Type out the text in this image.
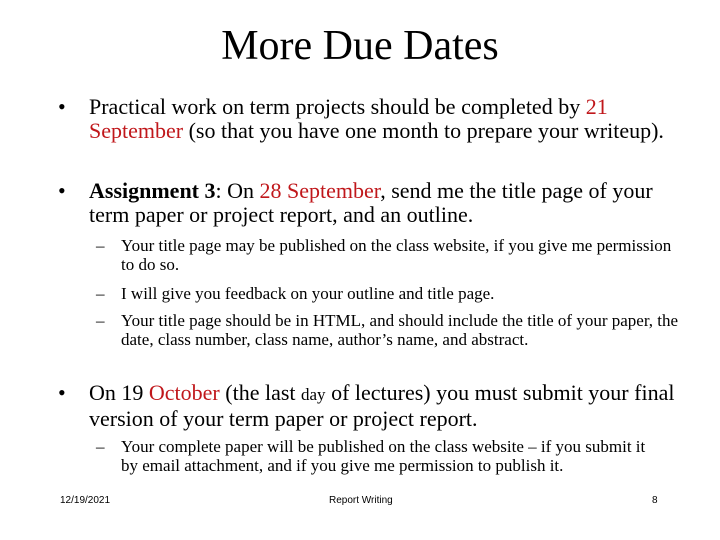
More Due Dates
• Practical work on term projects should be completed by 21 September (so that you have one month to prepare your writeup).
• Assignment 3: On 28 September, send me the title page of your term paper or project report, and an outline.
– Your title page may be published on the class website, if you give me permission to do so.
– I will give you feedback on your outline and title page.
– Your title page should be in HTML, and should include the title of your paper, the date, class number, class name, author’s name, and abstract.
• On 19 October (the last day of lectures) you must submit your final version of your term paper or project report.
– Your complete paper will be published on the class website – if you submit it by email attachment, and if you give me permission to publish it.
12/19/2021	Report Writing	8
